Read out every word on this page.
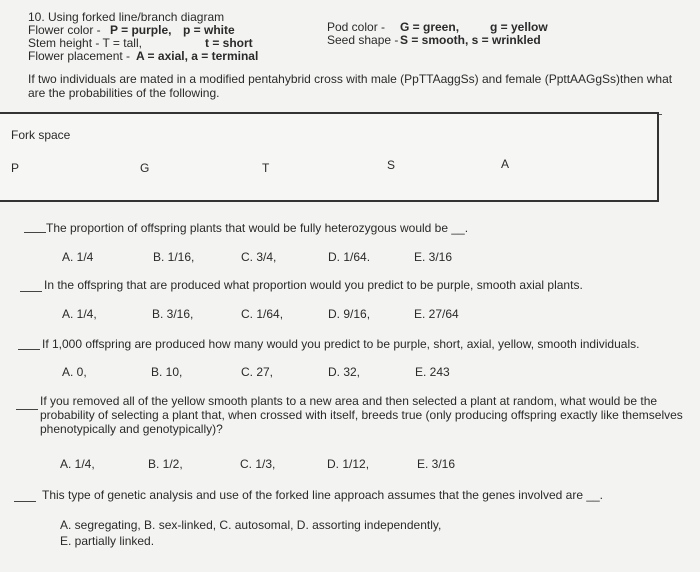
10. Using forked line/branch diagram
Flower color - P = purple, p = white
Stem height - T = tall,	t = short
Flower placement - A = axial, a = terminal
Pod color - G = green,	g = yellow
Seed shape - S = smooth, s = wrinkled
If two individuals are mated in a modified pentahybrid cross with male (PpTTAaggSs) and female (PpttAAGgSs)then what are the probabilities of the following.
Fork space
P	G	T	S	A
The proportion of offspring plants that would be fully heterozygous would be __.
A. 1/4	B. 1/16,	C. 3/4,	D. 1/64.	E. 3/16
In the offspring that are produced what proportion would you predict to be purple, smooth axial plants.
A. 1/4,	B. 3/16,	C. 1/64,	D. 9/16,	E. 27/64
If 1,000 offspring are produced how many would you predict to be purple, short, axial, yellow, smooth individuals.
A. 0,	B. 10,	C. 27,	D. 32,	E. 243
If you removed all of the yellow smooth plants to a new area and then selected a plant at random, what would be the probability of selecting a plant that, when crossed with itself, breeds true (only producing offspring exactly like themselves phenotypically and genotypically)?
A. 1/4,	B. 1/2,	C. 1/3,	D. 1/12,	E. 3/16
This type of genetic analysis and use of the forked line approach assumes that the genes involved are __.
A. segregating, B. sex-linked, C. autosomal, D. assorting independently,
E. partially linked.
